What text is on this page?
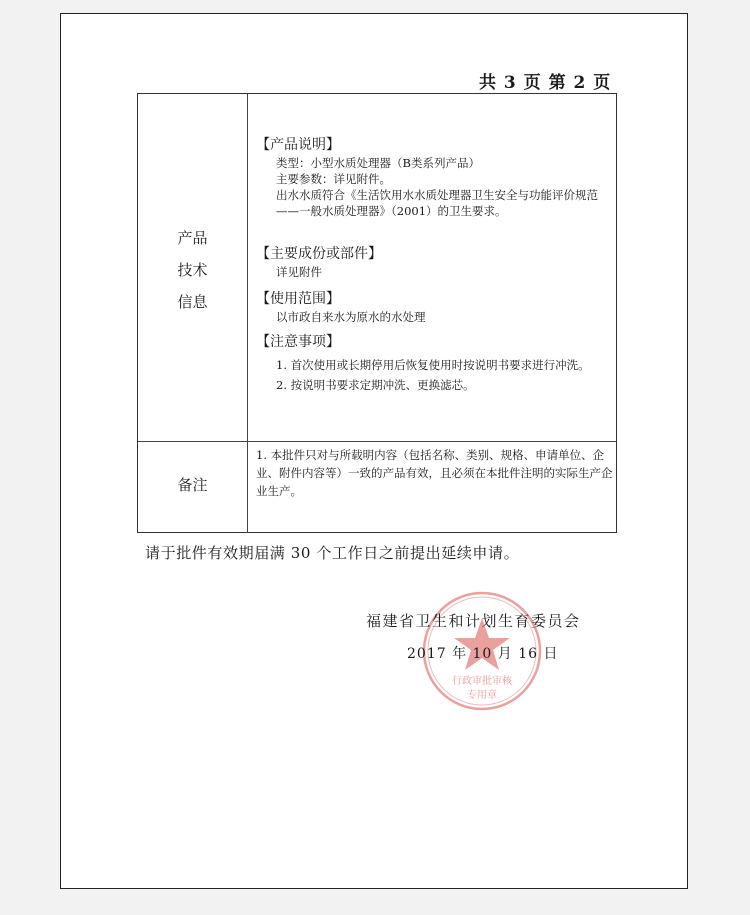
共 3 页 第 2 页
产品
技术
信息
备注
【产品说明】
类型：小型水质处理器（B类系列产品）
主要参数：详见附件。
出水水质符合《生活饮用水水质处理器卫生安全与功能评价规范——一般水质处理器》（2001）的卫生要求。
【主要成份或部件】
详见附件
【使用范围】
以市政自来水为原水的水处理
【注意事项】
1. 首次使用或长期停用后恢复使用时按说明书要求进行冲洗。
2. 按说明书要求定期冲洗、更换滤芯。
1. 本批件只对与所载明内容（包括名称、类别、规格、申请单位、企业、附件内容等）一致的产品有效，且必须在本批件注明的实际生产企业生产。
请于批件有效期届满 30 个工作日之前提出延续申请。
行政审批审核
专用章
福建省卫生和计划生育委员会
2017 年 10 月 16 日
